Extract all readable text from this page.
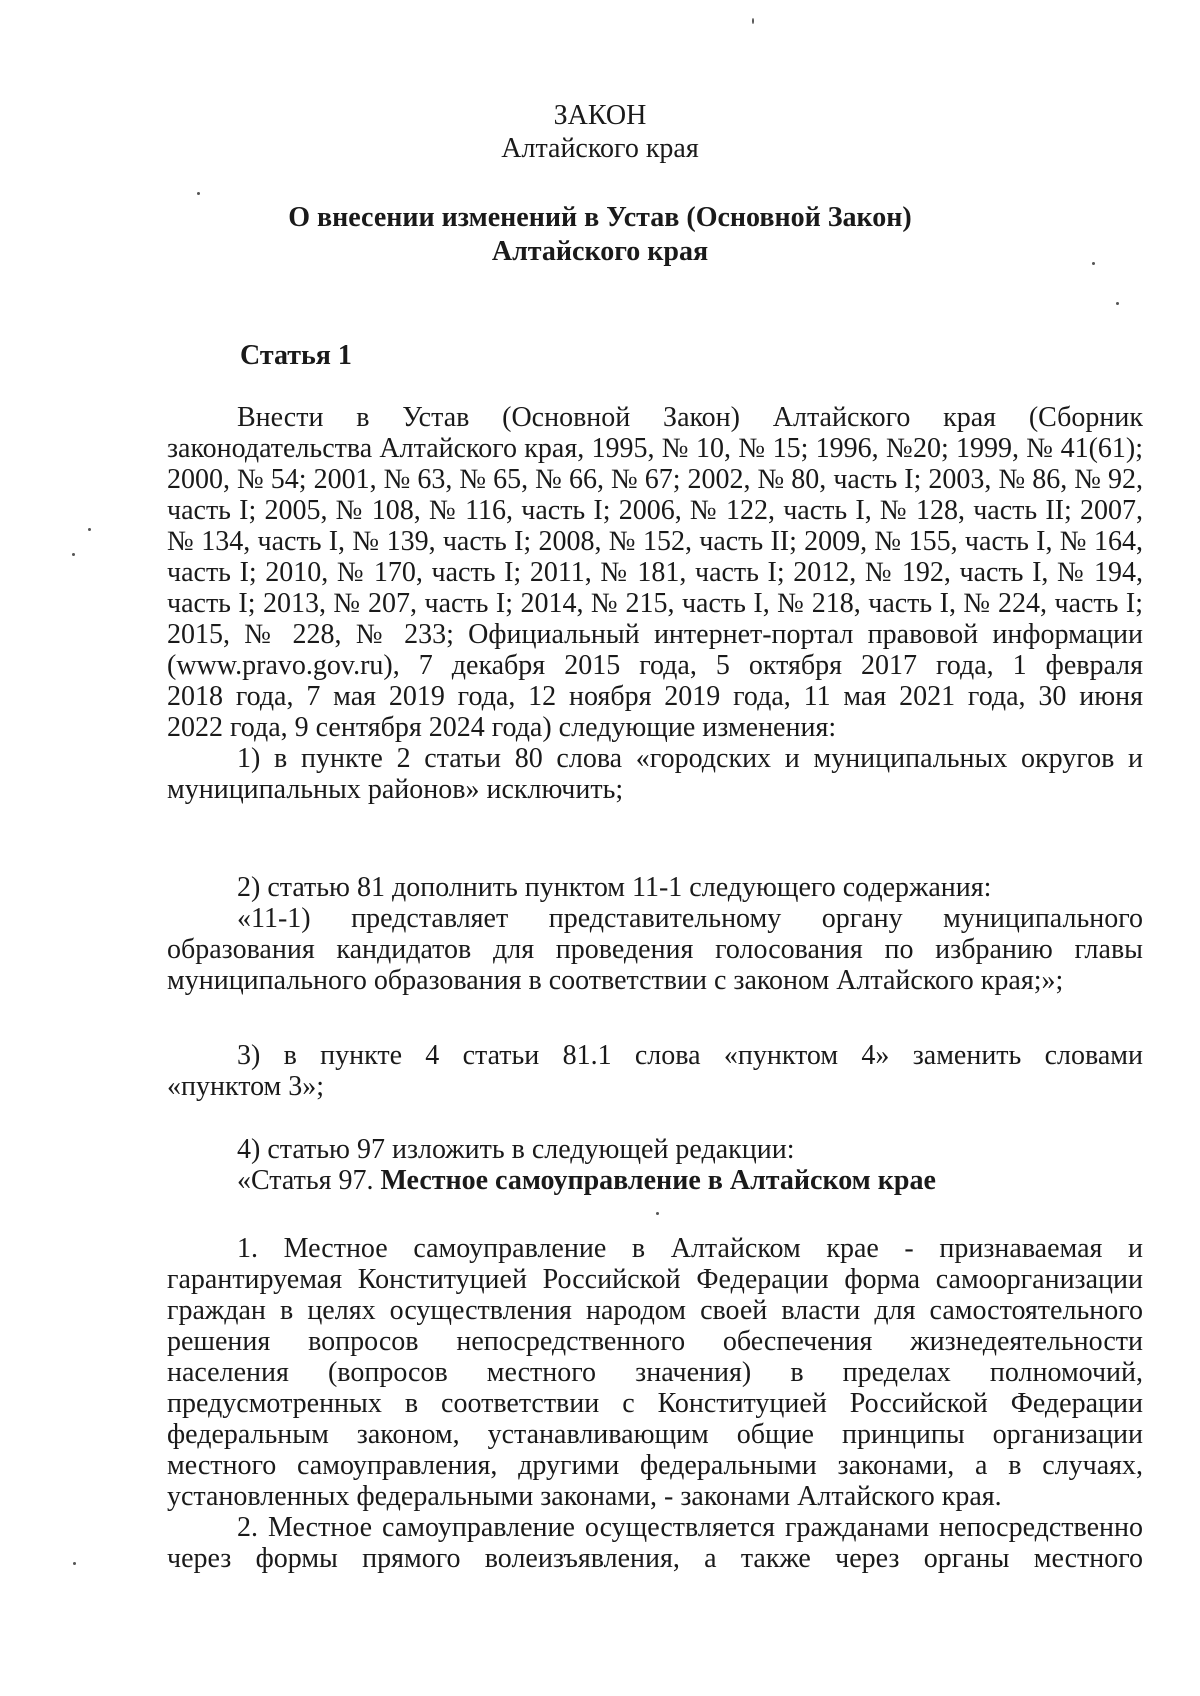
ЗАКОН
Алтайского края
О внесении изменений в Устав (Основной Закон)
Алтайского края
Статья 1
Внести в Устав (Основной Закон) Алтайского края (Сборник
законодательства Алтайского края, 1995, № 10, № 15; 1996, №20; 1999, № 41(61);
2000, № 54; 2001, № 63, № 65, № 66, № 67; 2002, № 80, часть I; 2003, № 86, № 92,
часть I; 2005, № 108, № 116, часть I; 2006, № 122, часть I, № 128, часть II; 2007,
№ 134, часть I, № 139, часть I; 2008, № 152, часть II; 2009, № 155, часть I, № 164,
часть I; 2010, № 170, часть I; 2011, № 181, часть I; 2012, № 192, часть I, № 194,
часть I; 2013, № 207, часть I; 2014, № 215, часть I, № 218, часть I, № 224, часть I;
2015, № 228, № 233; Официальный интернет-портал правовой информации
(www.pravo.gov.ru), 7 декабря 2015 года, 5 октября 2017 года, 1 февраля
2018 года, 7 мая 2019 года, 12 ноября 2019 года, 11 мая 2021 года, 30 июня
2022 года, 9 сентября 2024 года) следующие изменения:
1) в пункте 2 статьи 80 слова «городских и муниципальных округов и
муниципальных районов» исключить;
2) статью 81 дополнить пунктом 11-1 следующего содержания:
«11-1) представляет представительному органу муниципального
образования кандидатов для проведения голосования по избранию главы
муниципального образования в соответствии с законом Алтайского края;»;
3) в пункте 4 статьи 81.1 слова «пунктом 4» заменить словами
«пунктом 3»;
4) статью 97 изложить в следующей редакции:
«Статья 97. Местное самоуправление в Алтайском крае
1. Местное самоуправление в Алтайском крае - признаваемая и
гарантируемая Конституцией Российской Федерации форма самоорганизации
граждан в целях осуществления народом своей власти для самостоятельного
решения вопросов непосредственного обеспечения жизнедеятельности
населения (вопросов местного значения) в пределах полномочий,
предусмотренных в соответствии с Конституцией Российской Федерации
федеральным законом, устанавливающим общие принципы организации
местного самоуправления, другими федеральными законами, а в случаях,
установленных федеральными законами, - законами Алтайского края.
2. Местное самоуправление осуществляется гражданами непосредственно
через формы прямого волеизъявления, а также через органы местного
